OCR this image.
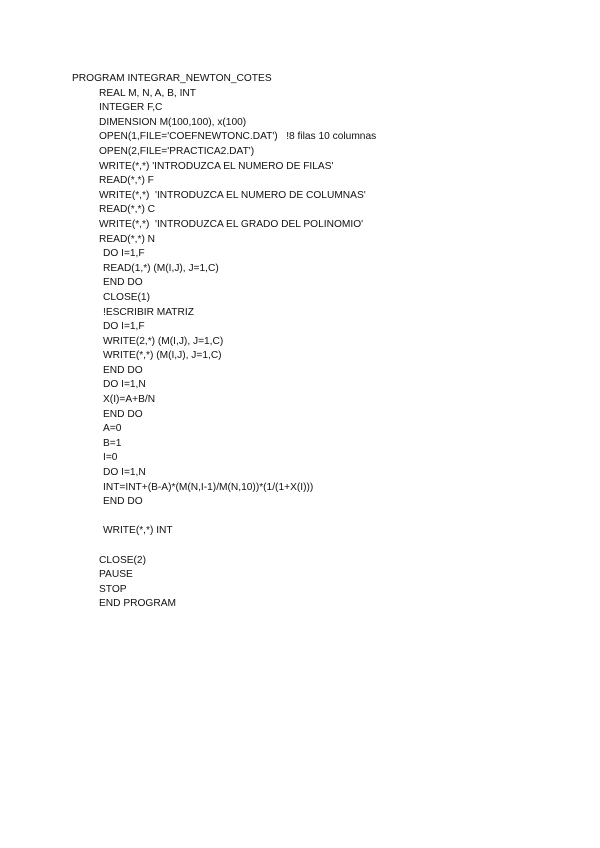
PROGRAM INTEGRAR_NEWTON_COTES
REAL M, N, A, B, INT
INTEGER F,C
DIMENSION M(100,100), x(100)
OPEN(1,FILE='COEFNEWTONC.DAT')   !8 filas 10 columnas
OPEN(2,FILE='PRACTICA2.DAT')
WRITE(*,*) 'INTRODUZCA EL NUMERO DE FILAS'
READ(*,*) F
WRITE(*,*)  'INTRODUZCA EL NUMERO DE COLUMNAS'
READ(*,*) C
WRITE(*,*)  'INTRODUZCA EL GRADO DEL POLINOMIO'
READ(*,*) N
DO I=1,F
READ(1,*) (M(I,J), J=1,C)
END DO
CLOSE(1)
!ESCRIBIR MATRIZ
DO I=1,F
WRITE(2,*) (M(I,J), J=1,C)
WRITE(*,*) (M(I,J), J=1,C)
END DO
DO I=1,N
X(I)=A+B/N
END DO
A=0
B=1
I=0
DO I=1,N
INT=INT+(B-A)*(M(N,I-1)/M(N,10))*(1/(1+X(I)))
END DO
WRITE(*,*) INT
CLOSE(2)
PAUSE
STOP
END PROGRAM
